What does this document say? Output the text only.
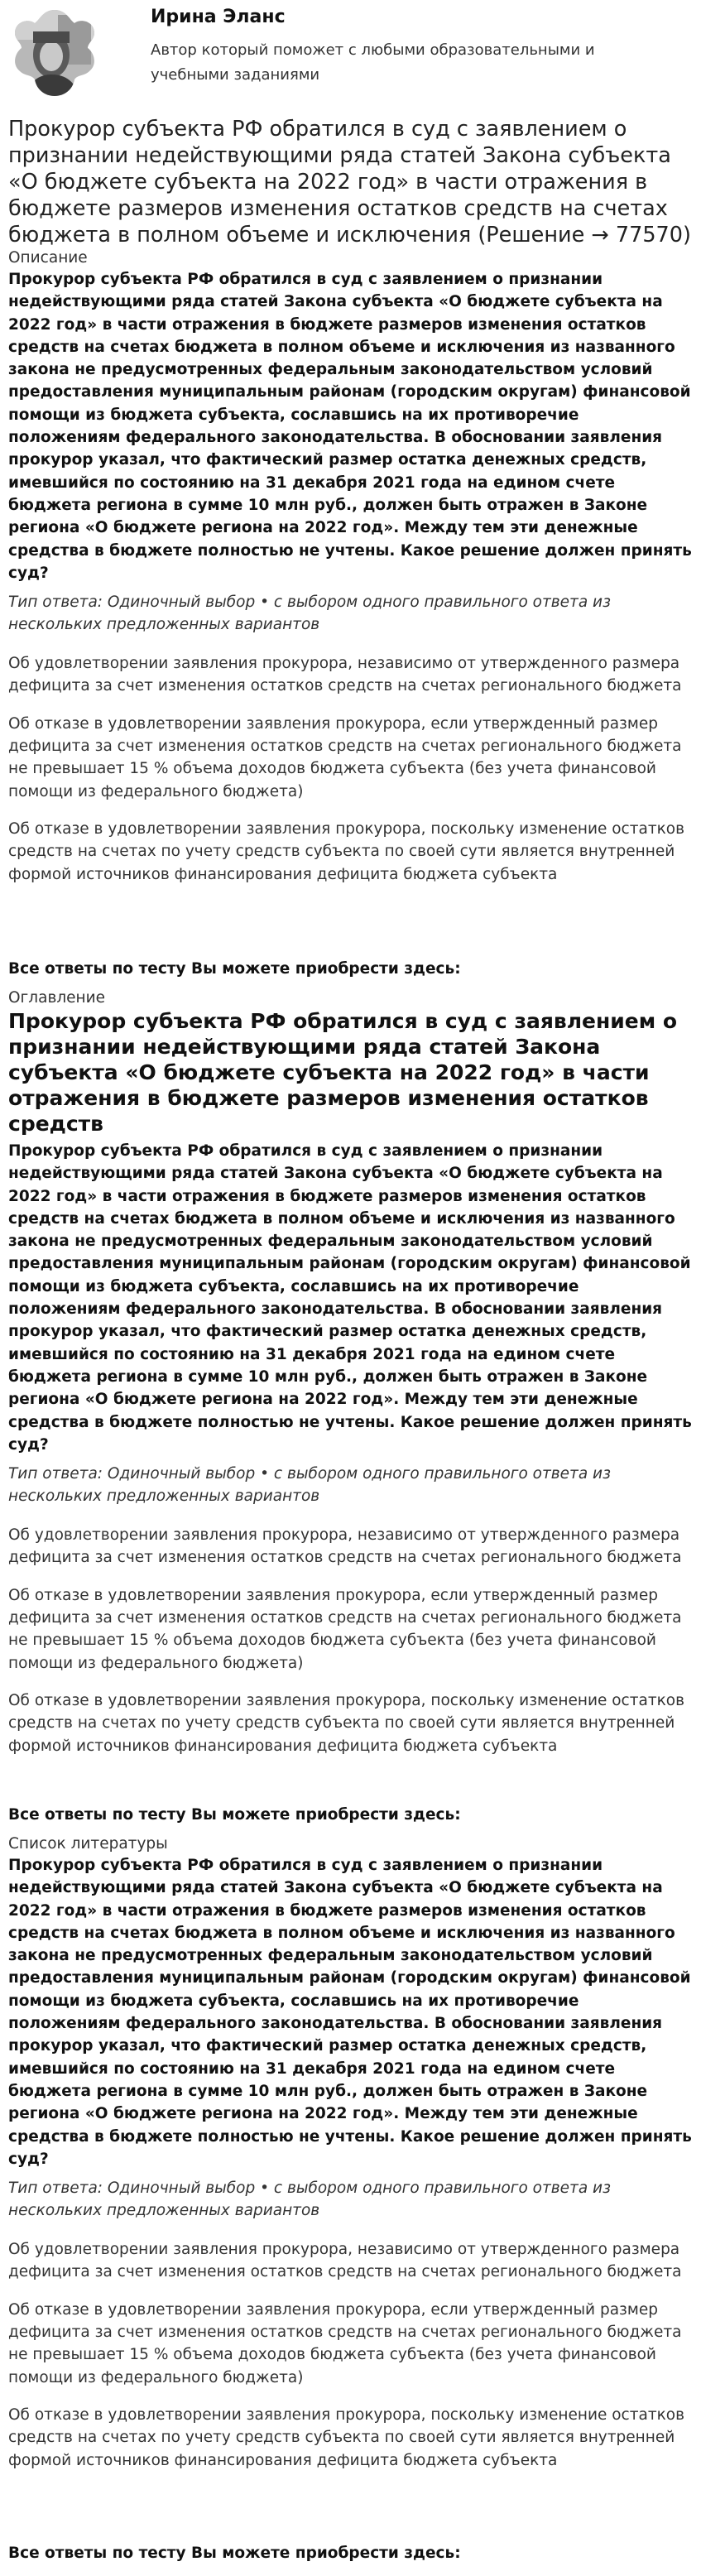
Ирина Эланс
Автор который поможет с любыми образовательными и учебными заданиями
Прокурор субъекта РФ обратился в суд с заявлением о признании недействующими ряда статей Закона субъекта «О бюджете субъекта на 2022 год» в части отражения в бюджете размеров изменения остатков средств на счетах бюджета в полном объеме и исключения (Решение → 77570)

Описание

Прокурор субъекта РФ обратился в суд с заявлением о признании недействующими ряда статей Закона субъекта «О бюджете субъекта на 2022 год» в части отражения в бюджете размеров изменения остатков средств на счетах бюджета в полном объеме и исключения из названного закона не предусмотренных федеральным законодательством условий предоставления муниципальным районам (городским округам) финансовой помощи из бюджета субъекта, сославшись на их противоречие положениям федерального законодательства. В обосновании заявления прокурор указал, что фактический размер остатка денежных средств, имевшийся по состоянию на 31 декабря 2021 года на едином счете бюджета региона в сумме 10 млн руб., должен быть отражен в Законе региона «О бюджете региона на 2022 год». Между тем эти денежные средства в бюджете полностью не учтены. Какое решение должен принять суд?

Тип ответа: Одиночный выбор • с выбором одного правильного ответа из нескольких предложенных вариантов

Об удовлетворении заявления прокурора, независимо от утвержденного размера дефицита за счет изменения остатков средств на счетах регионального бюджета

Об отказе в удовлетворении заявления прокурора, если утвержденный размер дефицита за счет изменения остатков средств на счетах регионального бюджета не превышает 15 % объема доходов бюджета субъекта (без учета финансовой помощи из федерального бюджета)

Об отказе в удовлетворении заявления прокурора, поскольку изменение остатков средств на счетах по учету средств субъекта по своей сути является внутренней формой источников финансирования дефицита бюджета субъекта

Все ответы по тесту Вы можете приобрести здесь:

Оглавление

Прокурор субъекта РФ обратился в суд с заявлением о признании недействующими ряда статей Закона субъекта «О бюджете субъекта на 2022 год» в части отражения в бюджете размеров изменения остатков средств

Прокурор субъекта РФ обратился в суд с заявлением о признании недействующими ряда статей Закона субъекта «О бюджете субъекта на 2022 год» в части отражения в бюджете размеров изменения остатков средств на счетах бюджета в полном объеме и исключения из названного закона не предусмотренных федеральным законодательством условий предоставления муниципальным районам (городским округам) финансовой помощи из бюджета субъекта, сославшись на их противоречие положениям федерального законодательства. В обосновании заявления прокурор указал, что фактический размер остатка денежных средств, имевшийся по состоянию на 31 декабря 2021 года на едином счете бюджета региона в сумме 10 млн руб., должен быть отражен в Законе региона «О бюджете региона на 2022 год». Между тем эти денежные средства в бюджете полностью не учтены. Какое решение должен принять суд?

Тип ответа: Одиночный выбор • с выбором одного правильного ответа из нескольких предложенных вариантов

Об удовлетворении заявления прокурора, независимо от утвержденного размера дефицита за счет изменения остатков средств на счетах регионального бюджета

Об отказе в удовлетворении заявления прокурора, если утвержденный размер дефицита за счет изменения остатков средств на счетах регионального бюджета не превышает 15 % объема доходов бюджета субъекта (без учета финансовой помощи из федерального бюджета)

Об отказе в удовлетворении заявления прокурора, поскольку изменение остатков средств на счетах по учету средств субъекта по своей сути является внутренней формой источников финансирования дефицита бюджета субъекта

Все ответы по тесту Вы можете приобрести здесь:

Список литературы

Прокурор субъекта РФ обратился в суд с заявлением о признании недействующими ряда статей Закона субъекта «О бюджете субъекта на 2022 год» в части отражения в бюджете размеров изменения остатков средств на счетах бюджета в полном объеме и исключения из названного закона не предусмотренных федеральным законодательством условий предоставления муниципальным районам (городским округам) финансовой помощи из бюджета субъекта, сославшись на их противоречие положениям федерального законодательства. В обосновании заявления прокурор указал, что фактический размер остатка денежных средств, имевшийся по состоянию на 31 декабря 2021 года на едином счете бюджета региона в сумме 10 млн руб., должен быть отражен в Законе региона «О бюджете региона на 2022 год». Между тем эти денежные средства в бюджете полностью не учтены. Какое решение должен принять суд?

Тип ответа: Одиночный выбор • с выбором одного правильного ответа из нескольких предложенных вариантов

Об удовлетворении заявления прокурора, независимо от утвержденного размера дефицита за счет изменения остатков средств на счетах регионального бюджета

Об отказе в удовлетворении заявления прокурора, если утвержденный размер дефицита за счет изменения остатков средств на счетах регионального бюджета не превышает 15 % объема доходов бюджета субъекта (без учета финансовой помощи из федерального бюджета)

Об отказе в удовлетворении заявления прокурора, поскольку изменение остатков средств на счетах по учету средств субъекта по своей сути является внутренней формой источников финансирования дефицита бюджета субъекта

Все ответы по тесту Вы можете приобрести здесь:
